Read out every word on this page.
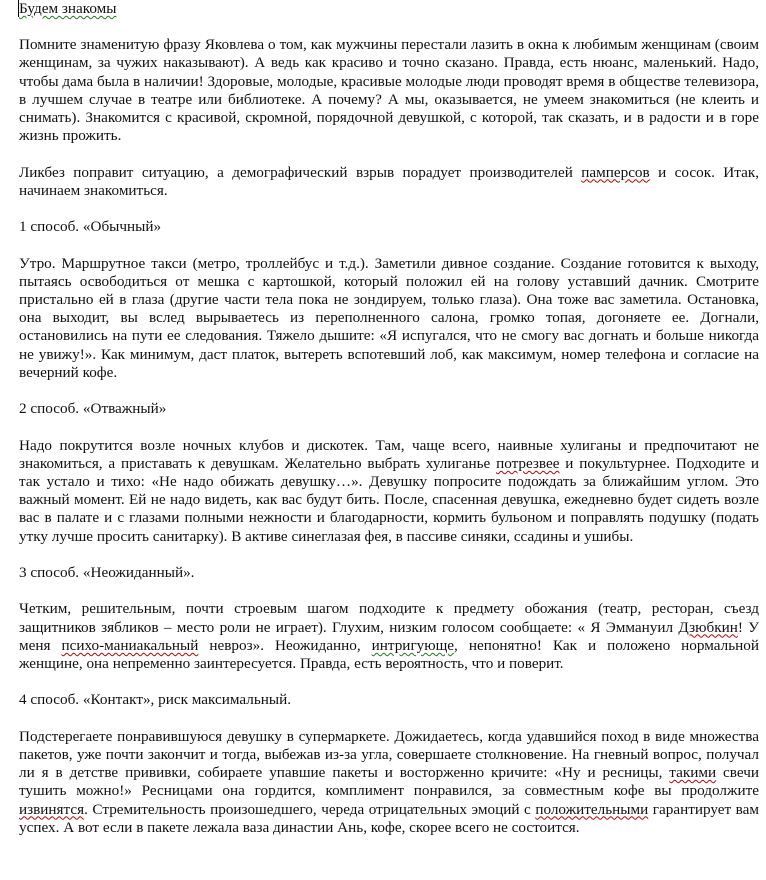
Будем знакомы

Помните знаменитую фразу Яковлева о том, как мужчины перестали лазить в окна к любимым женщинам (своим женщинам, за чужих наказывают). А ведь как красиво и точно сказано. Правда, есть нюанс, маленький. Надо, чтобы дама была в наличии! Здоровые, молодые, красивые молодые люди проводят время в обществе телевизора, в лучшем случае в театре или библиотеке. А почему? А мы, оказывается, не умеем знакомиться (не клеить и снимать). Знакомится с красивой, скромной, порядочной девушкой, с которой, так сказать, и в радости и в горе жизнь прожить.

Ликбез поправит ситуацию, а демографический взрыв порадует производителей памперсов и сосок. Итак, начинаем знакомиться.

1 способ. «Обычный»

Утро. Маршрутное такси (метро, троллейбус и т.д.). Заметили дивное создание. Создание готовится к выходу, пытаясь освободиться от мешка с картошкой, который положил ей на голову уставший дачник. Смотрите пристально ей в глаза (другие части тела пока не зондируем, только глаза). Она тоже вас заметила. Остановка, она выходит, вы вслед вырываетесь из переполненного салона, громко топая, догоняете ее. Догнали, остановились на пути ее следования. Тяжело дышите: «Я испугался, что не смогу вас догнать и больше никогда не увижу!». Как минимум, даст платок, вытереть вспотевший лоб, как максимум, номер телефона и согласие на вечерний кофе.

2 способ. «Отважный»

Надо покрутится возле ночных клубов и дискотек. Там, чаще всего, наивные хулиганы и предпочитают не знакомиться, а приставать к девушкам. Желательно выбрать хулиганье потрезвее и покультурнее. Подходите и так устало и тихо: «Не надо обижать девушку…». Девушку попросите подождать за ближайшим углом. Это важный момент. Ей не надо видеть, как вас будут бить. После, спасенная девушка, ежедневно будет сидеть возле вас в палате и с глазами полными нежности и благодарности, кормить бульоном и поправлять подушку (подать утку лучше просить санитарку). В активе синеглазая фея, в пассиве синяки, ссадины и ушибы.

3 способ. «Неожиданный».

Четким, решительным, почти строевым шагом подходите к предмету обожания (театр, ресторан, съезд защитников зябликов – место роли не играет). Глухим, низким голосом сообщаете: « Я Эммануил Дзюбкин! У меня психо-маниакальный невроз». Неожиданно, интригующе, непонятно! Как и положено нормальной женщине, она непременно заинтересуется. Правда, есть вероятность, что и поверит.

4 способ. «Контакт», риск максимальный.

Подстерегаете понравившуюся девушку в супермаркете. Дожидаетесь, когда удавшийся поход в виде множества пакетов, уже почти закончит и тогда, выбежав из-за угла, совершаете столкновение. На гневный вопрос, получал ли я в детстве прививки, собираете упавшие пакеты и восторженно кричите: «Ну и ресницы, такими свечи тушить можно!» Ресницами она гордится, комплимент понравился, за совместным кофе вы продолжите извинятся. Стремительность произошедшего, череда отрицательных эмоций с положительными гарантирует вам успех. А вот если в пакете лежала ваза династии Ань, кофе, скорее всего не состоится.
